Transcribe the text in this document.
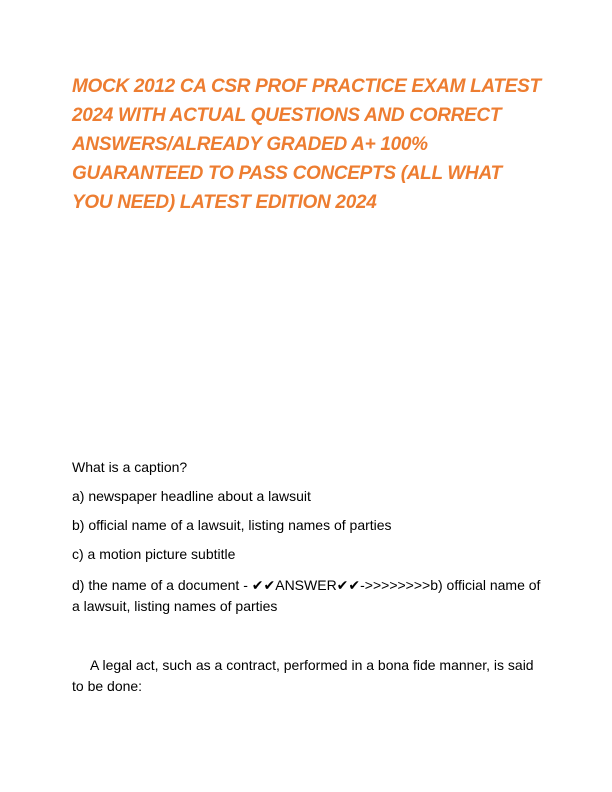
MOCK 2012 CA CSR PROF PRACTICE EXAM LATEST 2024 WITH ACTUAL QUESTIONS AND CORRECT ANSWERS/ALREADY GRADED A+ 100% GUARANTEED TO PASS CONCEPTS (ALL WHAT YOU NEED) LATEST EDITION 2024

What is a caption?

a) newspaper headline about a lawsuit

b) official name of a lawsuit, listing names of parties

c) a motion picture subtitle

d) the name of a document - ✔✔ANSWER✔✔->>>>>>>>b) official name of a lawsuit, listing names of parties

A legal act, such as a contract, performed in a bona fide manner, is said to be done:
